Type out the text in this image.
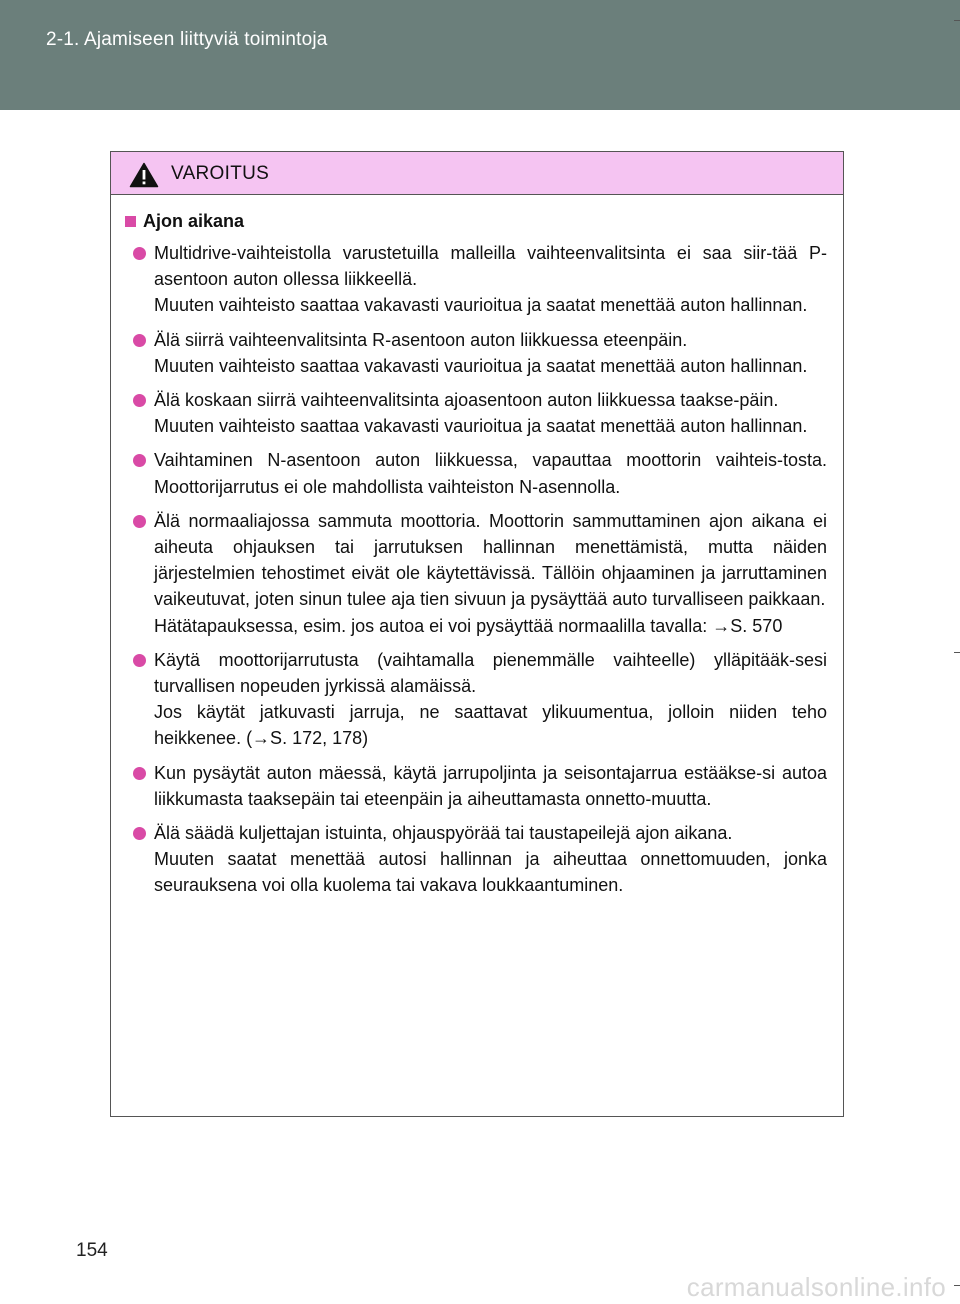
2-1. Ajamiseen liittyviä toimintoja
VAROITUS
Ajon aikana

Multidrive-vaihteistolla varustetuilla malleilla vaihteenvalitsinta ei saa siir-tää P-asentoon auton ollessa liikkeellä.

Muuten vaihteisto saattaa vakavasti vaurioitua ja saatat menettää auton hallinnan.

Älä siirrä vaihteenvalitsinta R-asentoon auton liikkuessa eteenpäin.

Muuten vaihteisto saattaa vakavasti vaurioitua ja saatat menettää auton hallinnan.

Älä koskaan siirrä vaihteenvalitsinta ajoasentoon auton liikkuessa taakse-päin.

Muuten vaihteisto saattaa vakavasti vaurioitua ja saatat menettää auton hallinnan.

Vaihtaminen N-asentoon auton liikkuessa, vapauttaa moottorin vaihteis-tosta. Moottorijarrutus ei ole mahdollista vaihteiston N-asennolla.

Älä normaaliajossa sammuta moottoria. Moottorin sammuttaminen ajon aikana ei aiheuta ohjauksen tai jarrutuksen hallinnan menettämistä, mutta näiden järjestelmien tehostimet eivät ole käytettävissä. Tällöin ohjaaminen ja jarruttaminen vaikeutuvat, joten sinun tulee aja tien sivuun ja pysäyttää auto turvalliseen paikkaan.

Hätätapauksessa, esim. jos autoa ei voi pysäyttää normaalilla tavalla: →S. 570

Käytä moottorijarrutusta (vaihtamalla pienemmälle vaihteelle) ylläpitääk-sesi turvallisen nopeuden jyrkissä alamäissä.

Jos käytät jatkuvasti jarruja, ne saattavat ylikuumentua, jolloin niiden teho heikkenee. (→S. 172, 178)

Kun pysäytät auton mäessä, käytä jarrupoljinta ja seisontajarrua estääkse-si autoa liikkumasta taaksepäin tai eteenpäin ja aiheuttamasta onnetto-muutta.

Älä säädä kuljettajan istuinta, ohjauspyörää tai taustapeilejä ajon aikana.

Muuten saatat menettää autosi hallinnan ja aiheuttaa onnettomuuden, jonka seurauksena voi olla kuolema tai vakava loukkaantuminen.

154
carmanualsonline.info
